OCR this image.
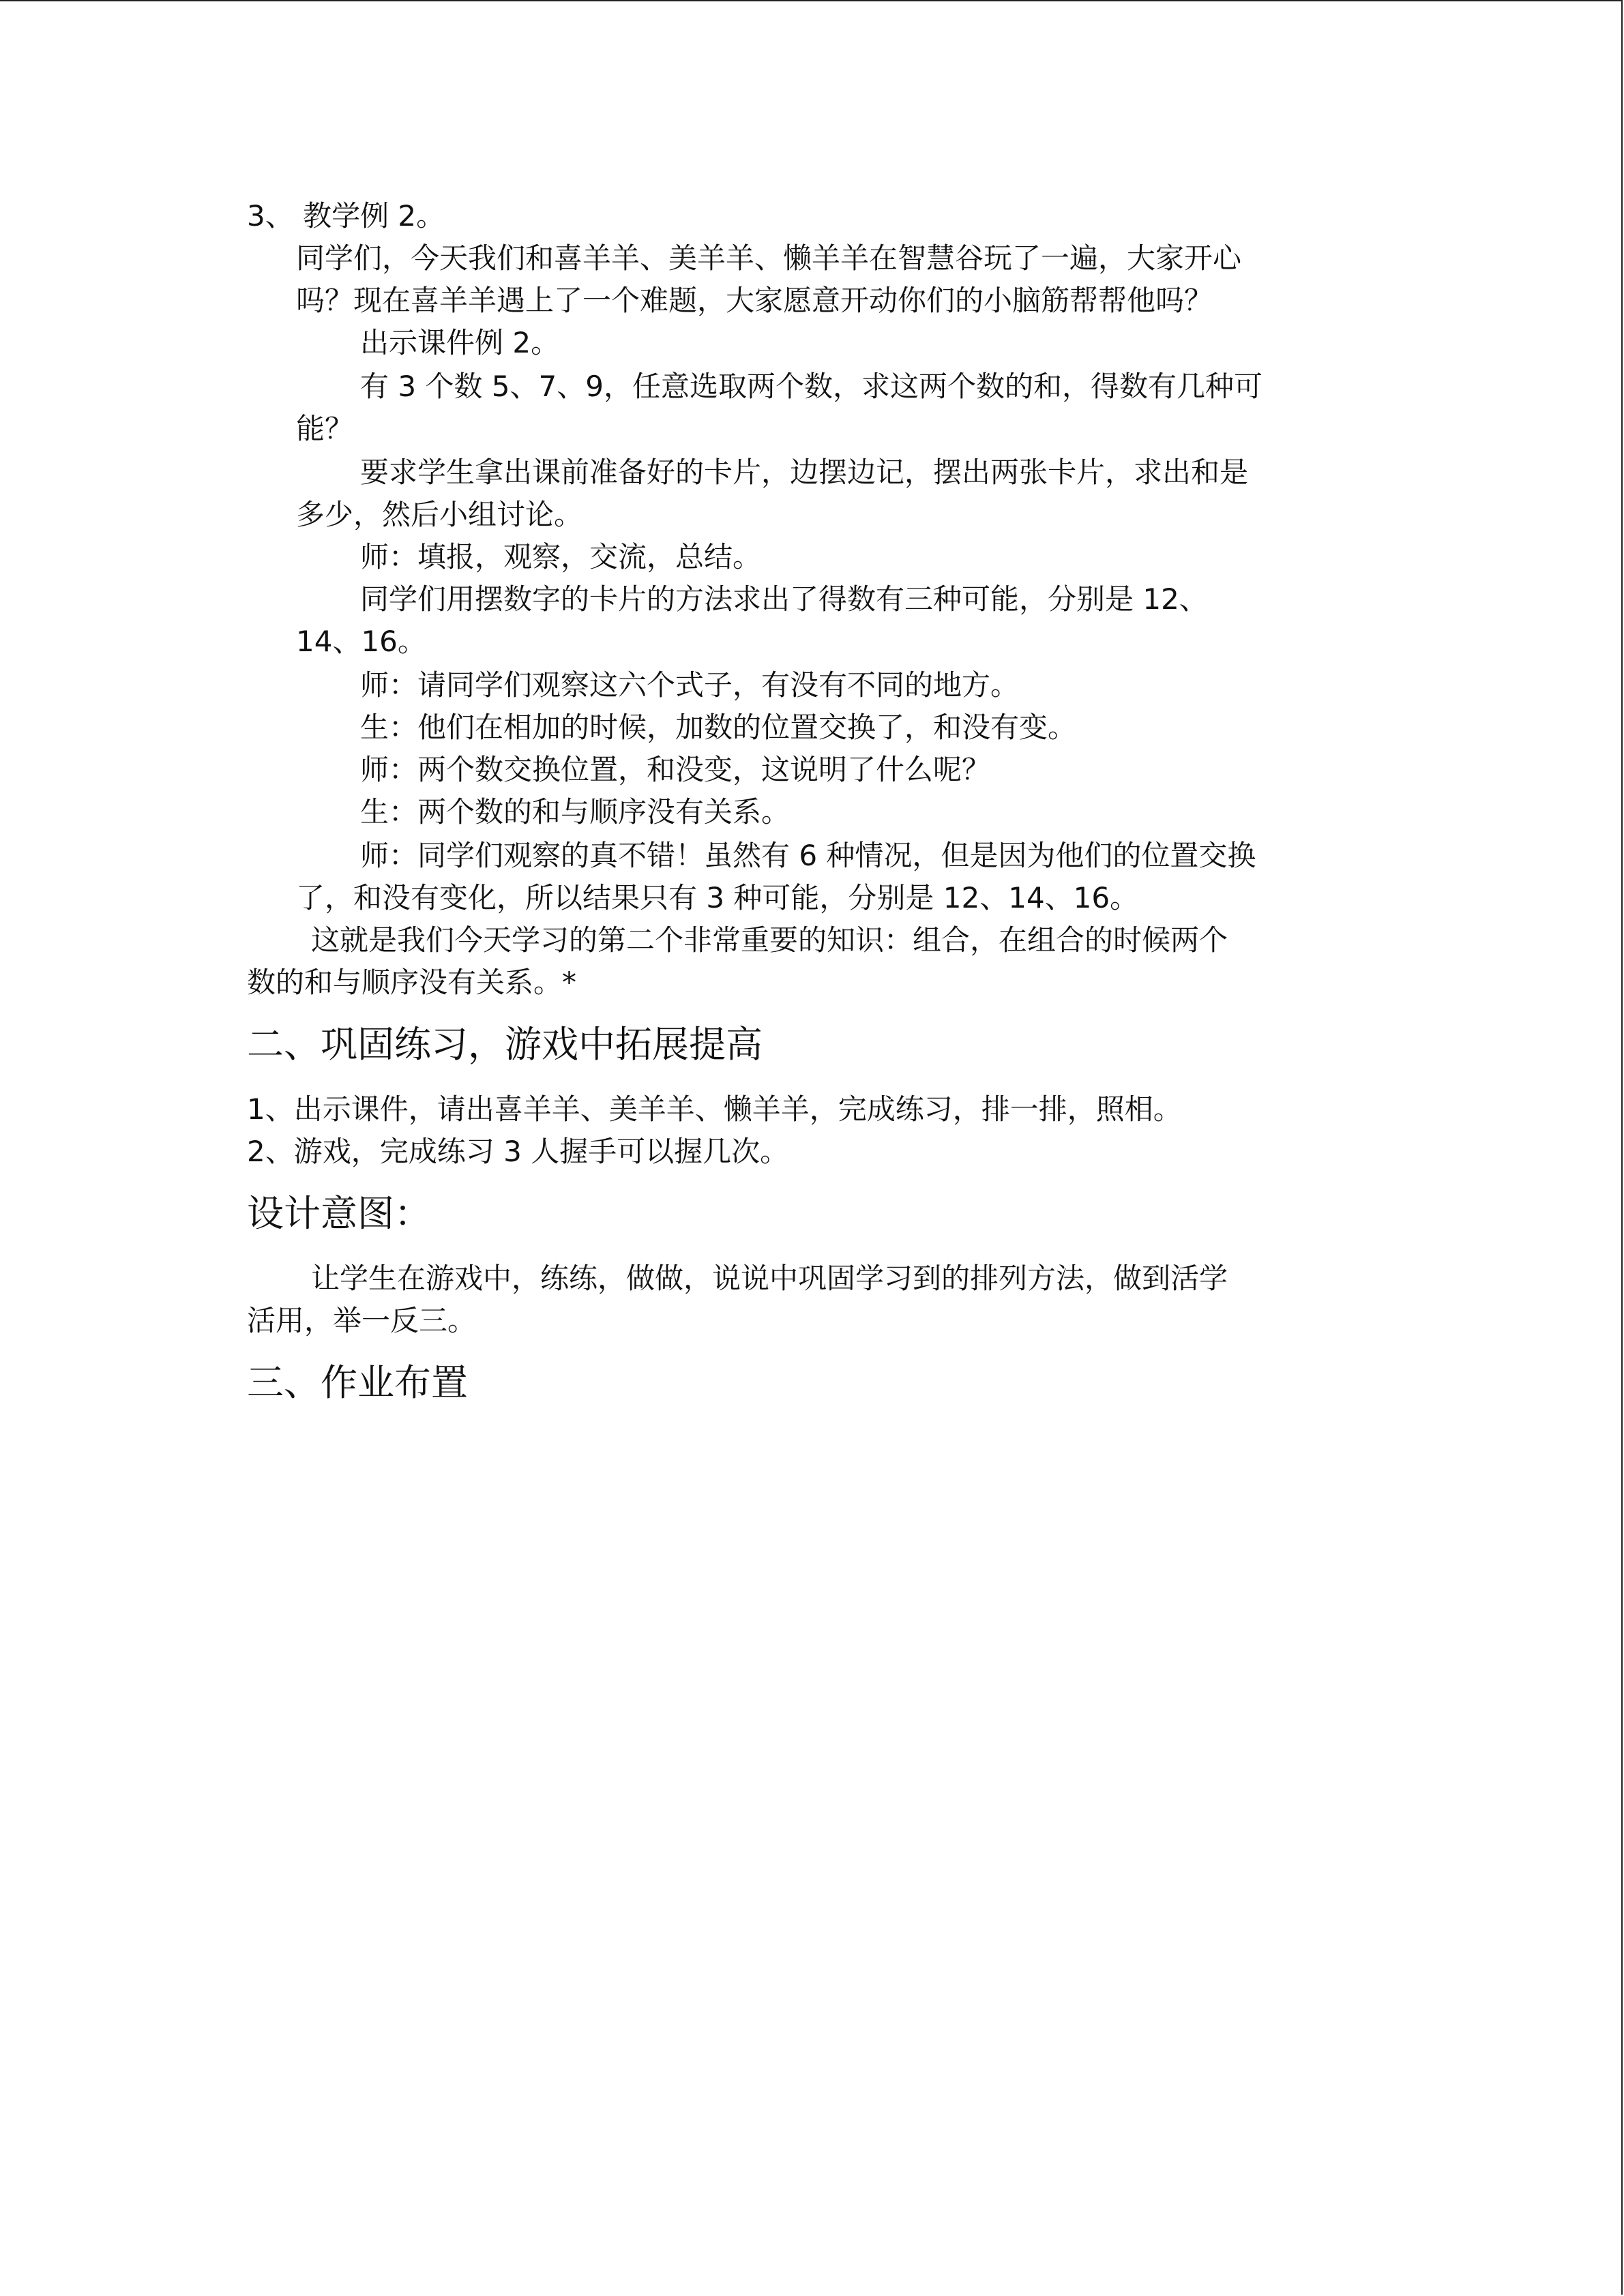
3、 教学例 2。
同学们，今天我们和喜羊羊、美羊羊、懒羊羊在智慧谷玩了一遍，大家开心
吗？现在喜羊羊遇上了一个难题，大家愿意开动你们的小脑筋帮帮他吗？
出示课件例 2。
有 3 个数 5、7、9，任意选取两个数，求这两个数的和，得数有几种可
能？
要求学生拿出课前准备好的卡片，边摆边记，摆出两张卡片，求出和是
多少，然后小组讨论。
师：填报，观察，交流，总结。
同学们用摆数字的卡片的方法求出了得数有三种可能，分别是 12、
14、16。
师：请同学们观察这六个式子，有没有不同的地方。
生：他们在相加的时候，加数的位置交换了，和没有变。
师：两个数交换位置，和没变，这说明了什么呢？
生：两个数的和与顺序没有关系。
师：同学们观察的真不错！虽然有 6 种情况，但是因为他们的位置交换
了，和没有变化，所以结果只有 3 种可能，分别是 12、14、16。
这就是我们今天学习的第二个非常重要的知识：组合，在组合的时候两个
数的和与顺序没有关系。*
二、巩固练习，游戏中拓展提高
1、出示课件，请出喜羊羊、美羊羊、懒羊羊，完成练习，排一排，照相。
2、游戏，完成练习 3 人握手可以握几次。
设计意图：
让学生在游戏中，练练，做做，说说中巩固学习到的排列方法，做到活学
活用，举一反三。
三、作业布置
